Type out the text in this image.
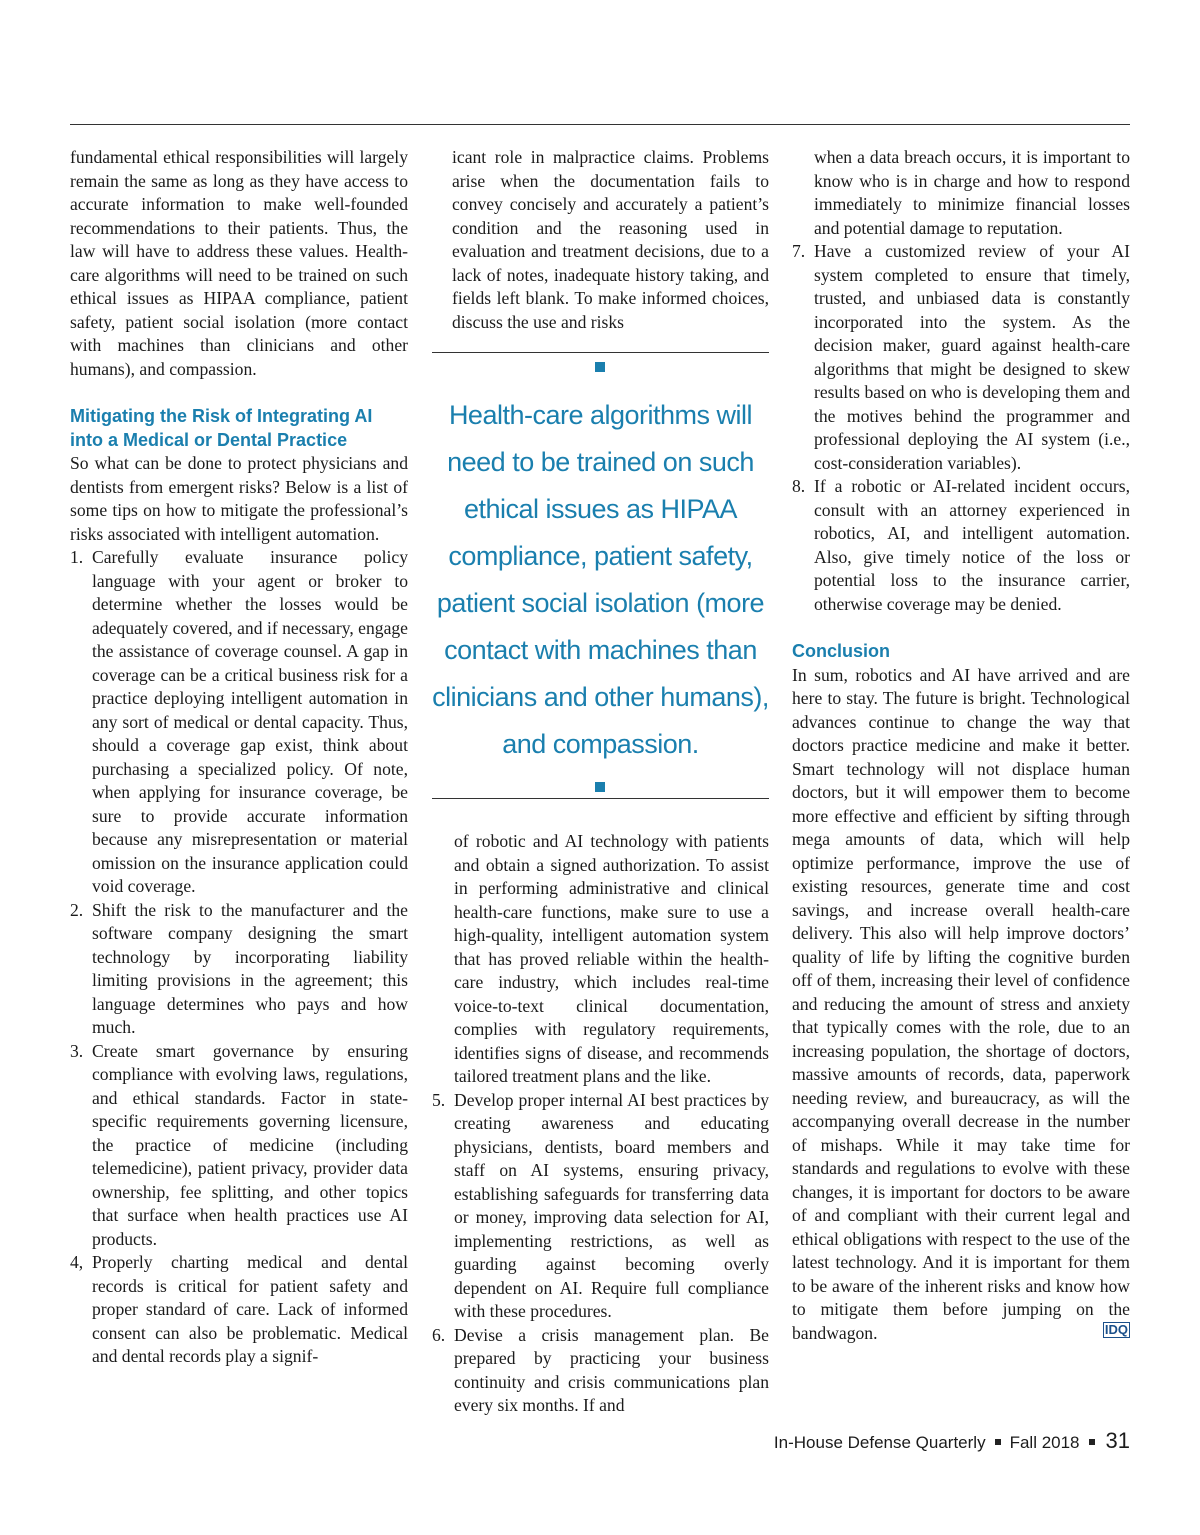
fundamental ethical responsibilities will largely remain the same as long as they have access to accurate information to make well-founded recommendations to their patients. Thus, the law will have to address these values. Health-care algorithms will need to be trained on such ethical issues as HIPAA compliance, patient safety, patient social isolation (more contact with machines than clinicians and other humans), and compassion.

Mitigating the Risk of Integrating AI into a Medical or Dental Practice

So what can be done to protect physicians and dentists from emergent risks? Below is a list of some tips on how to mitigate the professional’s risks associated with intelligent automation.

1. Carefully evaluate insurance policy language with your agent or broker to determine whether the losses would be adequately covered, and if necessary, engage the assistance of coverage counsel. A gap in coverage can be a critical business risk for a practice deploying intelligent automation in any sort of medical or dental capacity. Thus, should a coverage gap exist, think about purchasing a specialized policy. Of note, when applying for insurance coverage, be sure to provide accurate information because any misrepresentation or material omission on the insurance application could void coverage.
2. Shift the risk to the manufacturer and the software company designing the smart technology by incorporating liability limiting provisions in the agreement; this language determines who pays and how much.
3. Create smart governance by ensuring compliance with evolving laws, regulations, and ethical standards. Factor in state-specific requirements governing licensure, the practice of medicine (including telemedicine), patient privacy, provider data ownership, fee splitting, and other topics that surface when health practices use AI products.
4, Properly charting medical and dental records is critical for patient safety and proper standard of care. Lack of informed consent can also be problematic. Medical and dental records play a signif-

icant role in malpractice claims. Problems arise when the documentation fails to convey concisely and accurately a patient’s condition and the reasoning used in evaluation and treatment decisions, due to a lack of notes, inadequate history taking, and fields left blank. To make informed choices, discuss the use and risks

Health-care algorithms will need to be trained on such ethical issues as HIPAA compliance, patient safety, patient social isolation (more contact with machines than clinicians and other humans), and compassion.

of robotic and AI technology with patients and obtain a signed authorization. To assist in performing administrative and clinical health-care functions, make sure to use a high-quality, intelligent automation system that has proved reliable within the health-care industry, which includes real-time voice-to-text clinical documentation, complies with regulatory requirements, identifies signs of disease, and recommends tailored treatment plans and the like.

5. Develop proper internal AI best practices by creating awareness and educating physicians, dentists, board members and staff on AI systems, ensuring privacy, establishing safeguards for transferring data or money, improving data selection for AI, implementing restrictions, as well as guarding against becoming overly dependent on AI. Require full compliance with these procedures.
6. Devise a crisis management plan. Be prepared by practicing your business continuity and crisis communications plan every six months. If and

when a data breach occurs, it is important to know who is in charge and how to respond immediately to minimize financial losses and potential damage to reputation.

7. Have a customized review of your AI system completed to ensure that timely, trusted, and unbiased data is constantly incorporated into the system. As the decision maker, guard against health-care algorithms that might be designed to skew results based on who is developing them and the motives behind the programmer and professional deploying the AI system (i.e., cost-consideration variables).
8. If a robotic or AI-related incident occurs, consult with an attorney experienced in robotics, AI, and intelligent automation. Also, give timely notice of the loss or potential loss to the insurance carrier, otherwise coverage may be denied.

Conclusion

In sum, robotics and AI have arrived and are here to stay. The future is bright. Technological advances continue to change the way that doctors practice medicine and make it better. Smart technology will not displace human doctors, but it will empower them to become more effective and efficient by sifting through mega amounts of data, which will help optimize performance, improve the use of existing resources, generate time and cost savings, and increase overall health-care delivery. This also will help improve doctors’ quality of life by lifting the cognitive burden off of them, increasing their level of confidence and reducing the amount of stress and anxiety that typically comes with the role, due to an increasing population, the shortage of doctors, massive amounts of records, data, paperwork needing review, and bureaucracy, as will the accompanying overall decrease in the number of mishaps. While it may take time for standards and regulations to evolve with these changes, it is important for doctors to be aware of and compliant with their current legal and ethical obligations with respect to the use of the latest technology. And it is important for them to be aware of the inherent risks and know how to mitigate them before jumping on the bandwagon.	IDQ

In-House Defense Quarterly Fall 2018 31
